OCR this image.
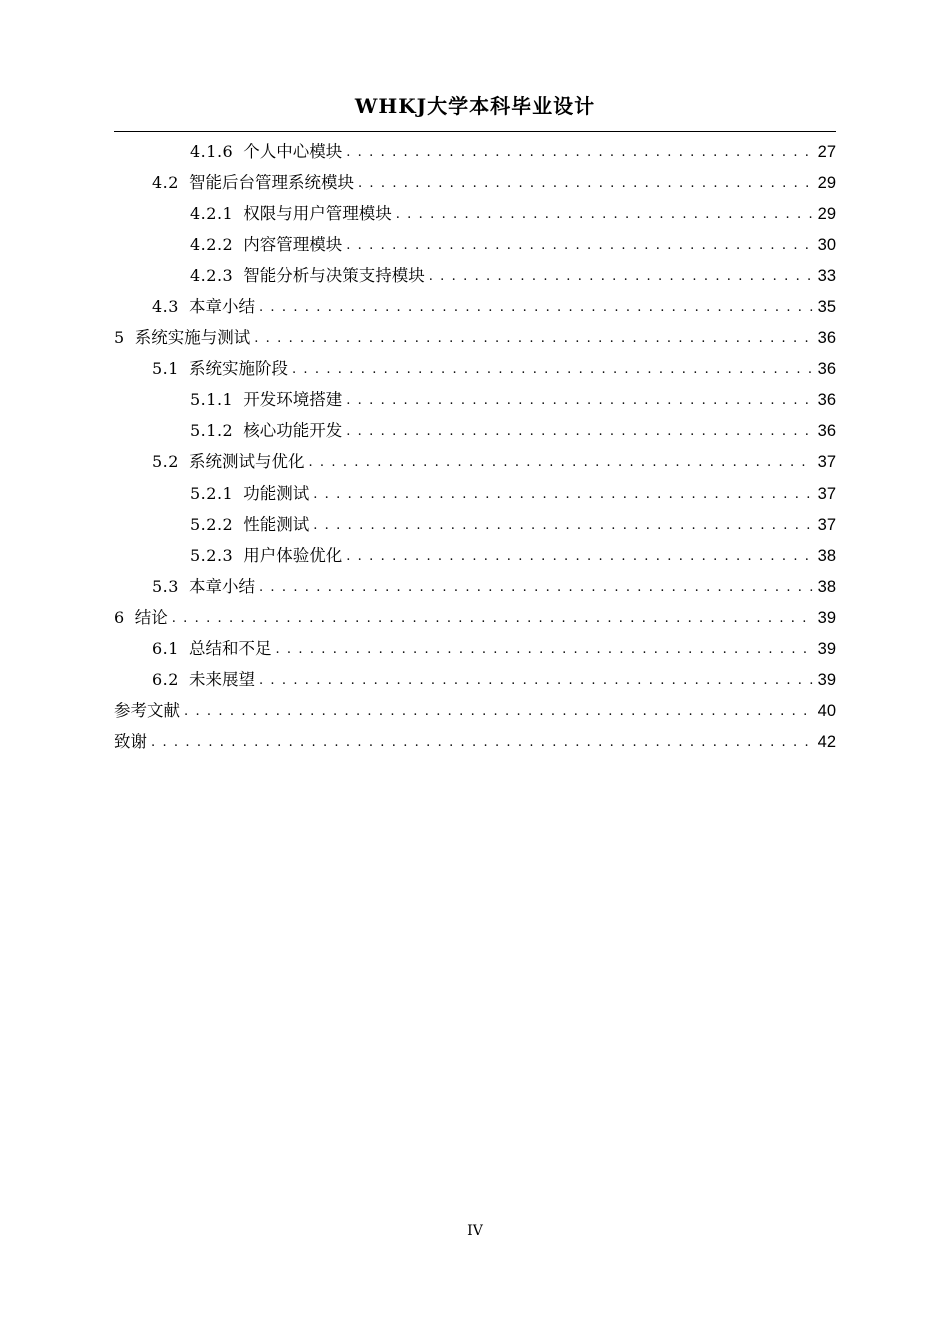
WHKJ大学本科毕业设计
4.1.6 个人中心模块 . . .	27
4.2 智能后台管理系统模块 . . .	29
4.2.1 权限与用户管理模块 . . .	29
4.2.2 内容管理模块 . . .	30
4.2.3 智能分析与决策支持模块 . . .	33
4.3 本章小结 . . .	35
5 系统实施与测试 . . .	36
5.1 系统实施阶段 . . .	36
5.1.1 开发环境搭建 . . .	36
5.1.2 核心功能开发 . . .	36
5.2 系统测试与优化 . . .	37
5.2.1 功能测试 . . .	37
5.2.2 性能测试 . . .	37
5.2.3 用户体验优化 . . .	38
5.3 本章小结 . . .	38
6 结论 . . .	39
6.1 总结和不足 . . .	39
6.2 未来展望 . . .	39
参考文献 . . .	40
致谢 . . .	42
IV
